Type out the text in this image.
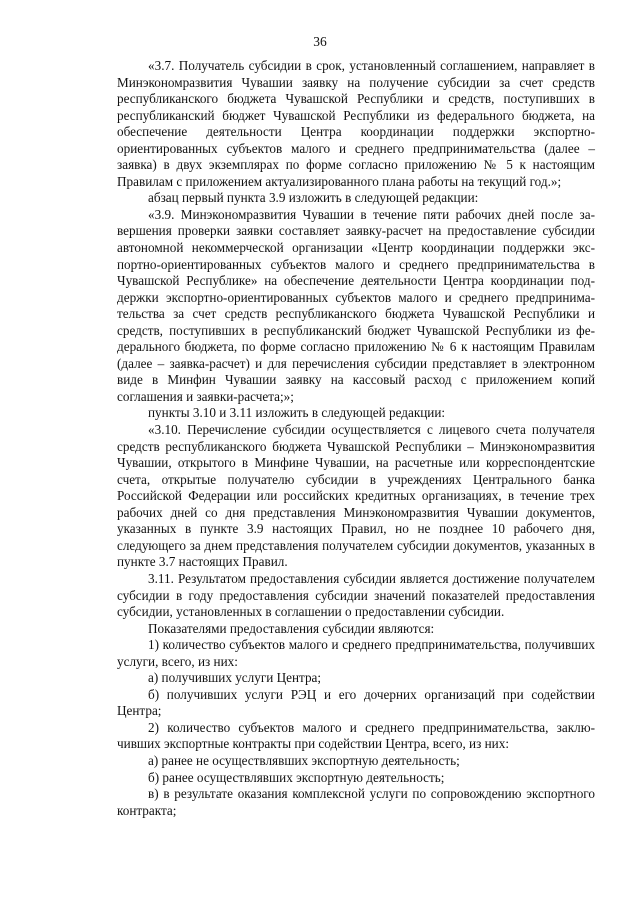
36

«3.7. Получатель субсидии в срок, установленный соглашением, направляет в Минэкономразвития Чувашии заявку на получение субсидии за счет средств республиканского бюджета Чувашской Республики и средств, поступивших в республиканский бюджет Чувашской Республики из федерального бюджета, на обеспечение деятельности Центра координации поддержки экспортно-ориентированных субъектов малого и среднего предпринимательства (далее – заявка) в двух экземплярах по форме согласно приложению № 5 к настоящим Правилам с приложением актуализированного плана работы на текущий год.»;

абзац первый пункта 3.9 изложить в следующей редакции:

«3.9. Минэкономразвития Чувашии в течение пяти рабочих дней после завершения проверки заявки составляет заявку-расчет на предоставление субсидии автономной некоммерческой организации «Центр координации поддержки экспортно-ориентированных субъектов малого и среднего предпринимательства в Чувашской Республике» на обеспечение деятельности Центра координации поддержки экспортно-ориентированных субъектов малого и среднего предпринимательства за счет средств республиканского бюджета Чувашской Республики и средств, поступивших в республиканский бюджет Чувашской Республики из федерального бюджета, по форме согласно приложению № 6 к настоящим Правилам (далее – заявка-расчет) и для перечисления субсидии представляет в электронном виде в Минфин Чувашии заявку на кассовый расход с приложением копий соглашения и заявки-расчета;»;

пункты 3.10 и 3.11 изложить в следующей редакции:

«3.10. Перечисление субсидии осуществляется с лицевого счета получателя средств республиканского бюджета Чувашской Республики – Минэкономразвития Чувашии, открытого в Минфине Чувашии, на расчетные или корреспондентские счета, открытые получателю субсидии в учреждениях Центрального банка Российской Федерации или российских кредитных организациях, в течение трех рабочих дней со дня представления Минэкономразвития Чувашии документов, указанных в пункте 3.9 настоящих Правил, но не позднее 10 рабочего дня, следующего за днем представления получателем субсидии документов, указанных в пункте 3.7 настоящих Правил.

3.11. Результатом предоставления субсидии является достижение получателем субсидии в году предоставления субсидии значений показателей предоставления субсидии, установленных в соглашении о предоставлении субсидии.

Показателями предоставления субсидии являются:

1) количество субъектов малого и среднего предпринимательства, получивших услуги, всего, из них:

а) получивших услуги Центра;

б) получивших услуги РЭЦ и его дочерних организаций при содействии Центра;

2) количество субъектов малого и среднего предпринимательства, заключивших экспортные контракты при содействии Центра, всего, из них:

а) ранее не осуществлявших экспортную деятельность;

б) ранее осуществлявших экспортную деятельность;

в) в результате оказания комплексной услуги по сопровождению экспортного контракта;
